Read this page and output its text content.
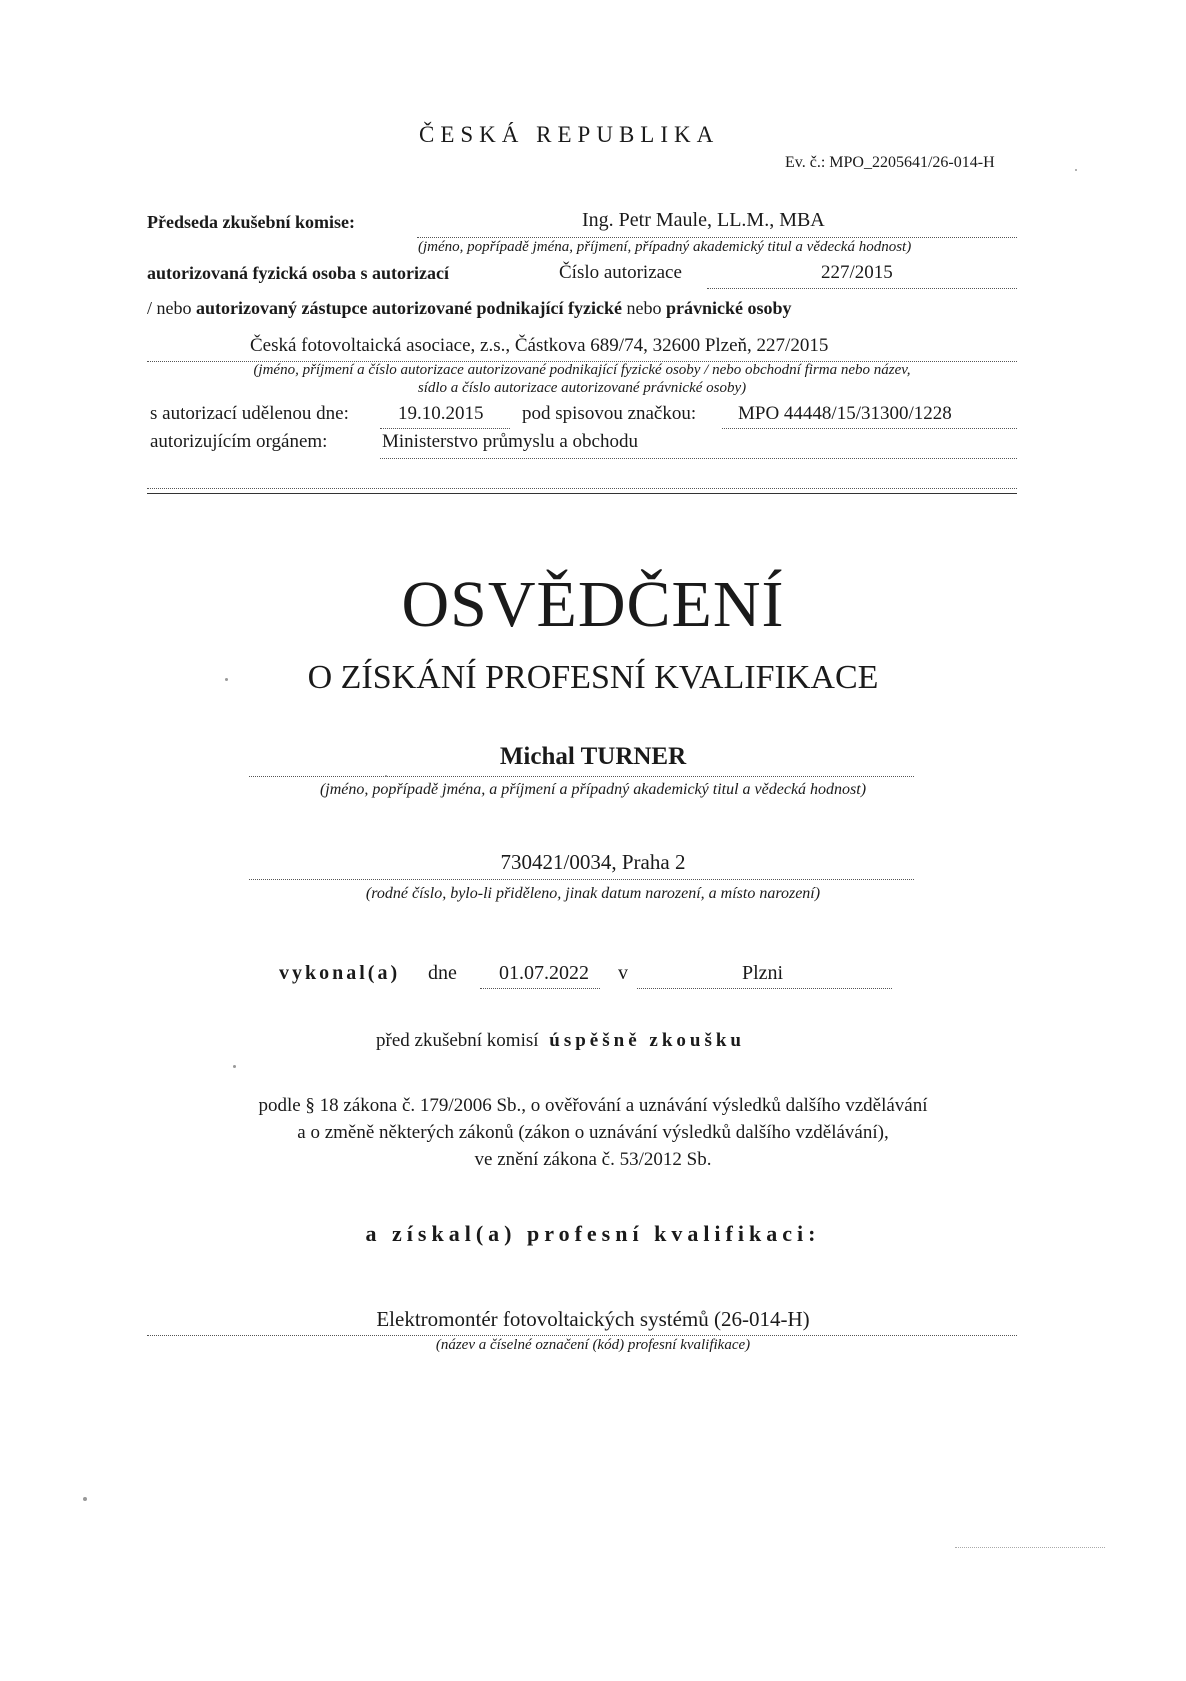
ČESKÁ REPUBLIKA
Ev. č.: MPO_2205641/26-014-H
Předseda zkušební komise:	Ing. Petr Maule, LL.M., MBA
(jméno, popřípadě jména, příjmení, případný akademický titul a vědecká hodnost)
autorizovaná fyzická osoba s autorizací	Číslo autorizace	227/2015
/ nebo autorizovaný zástupce autorizované podnikající fyzické nebo právnické osoby
Česká fotovoltaická asociace, z.s., Částkova 689/74, 32600 Plzeň, 227/2015
(jméno, příjmení a číslo autorizace autorizované podnikající fyzické osoby / nebo obchodní firma nebo název,
sídlo a číslo autorizace autorizované právnické osoby)
s autorizací udělenou dne:	19.10.2015 pod spisovou značkou: MPO 44448/15/31300/1228
autorizujícím orgánem:	Ministerstvo průmyslu a obchodu
OSVĚDČENÍ
O ZÍSKÁNÍ PROFESNÍ KVALIFIKACE
Michal TURNER
(jméno, popřípadě jména, a příjmení a případný akademický titul a vědecká hodnost)
730421/0034, Praha 2
(rodné číslo, bylo-li přiděleno, jinak datum narození, a místo narození)
vykonal(a) dne 01.07.2022 v	Plzni
před zkušební komisí úspěšně zkoušku
podle § 18 zákona č. 179/2006 Sb., o ověřování a uznávání výsledků dalšího vzdělávání
a o změně některých zákonů (zákon o uznávání výsledků dalšího vzdělávání),
ve znění zákona č. 53/2012 Sb.
a získal(a) profesní kvalifikaci:
Elektromontér fotovoltaických systémů (26-014-H)
(název a číselné označení (kód) profesní kvalifikace)
